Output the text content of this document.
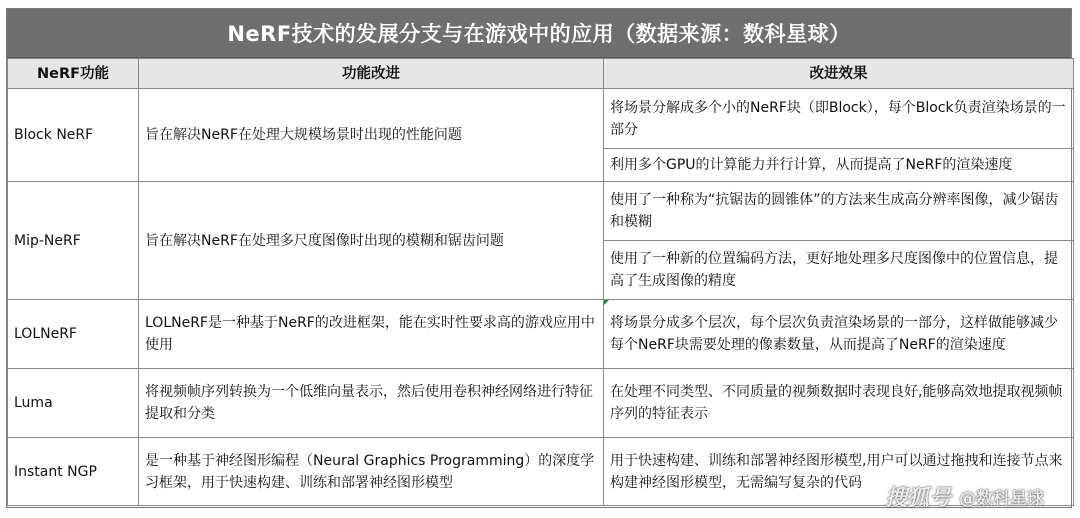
NeRF技术的发展分支与在游戏中的应用（数据来源：数科星球）
NeRF功能	功能改进	改进效果
Block NeRF	旨在解决NeRF在处理大规模场景时出现的性能问题	将场景分解成多个小的NeRF块（即Block），每个Block负责渲染场景的一部分
		利用多个GPU的计算能力并行计算，从而提高了NeRF的渲染速度
Mip-NeRF	旨在解决NeRF在处理多尺度图像时出现的模糊和锯齿问题	使用了一种称为“抗锯齿的圆锥体”的方法来生成高分辨率图像，减少锯齿和模糊
		使用了一种新的位置编码方法，更好地处理多尺度图像中的位置信息，提高了生成图像的精度
LOLNeRF	LOLNeRF是一种基于NeRF的改进框架，能在实时性要求高的游戏应用中使用	将场景分成多个层次，每个层次负责渲染场景的一部分，这样做能够减少每个NeRF块需要处理的像素数量，从而提高了NeRF的渲染速度
Luma	将视频帧序列转换为一个低维向量表示，然后使用卷积神经网络进行特征提取和分类	在处理不同类型、不同质量的视频数据时表现良好,能够高效地提取视频帧序列的特征表示
Instant NGP	是一种基于神经图形编程（Neural Graphics Programming）的深度学习框架，用于快速构建、训练和部署神经图形模型	用于快速构建、训练和部署神经图形模型,用户可以通过拖拽和连接节点来构建神经图形模型，无需编写复杂的代码
搜狐号 @数科星球
